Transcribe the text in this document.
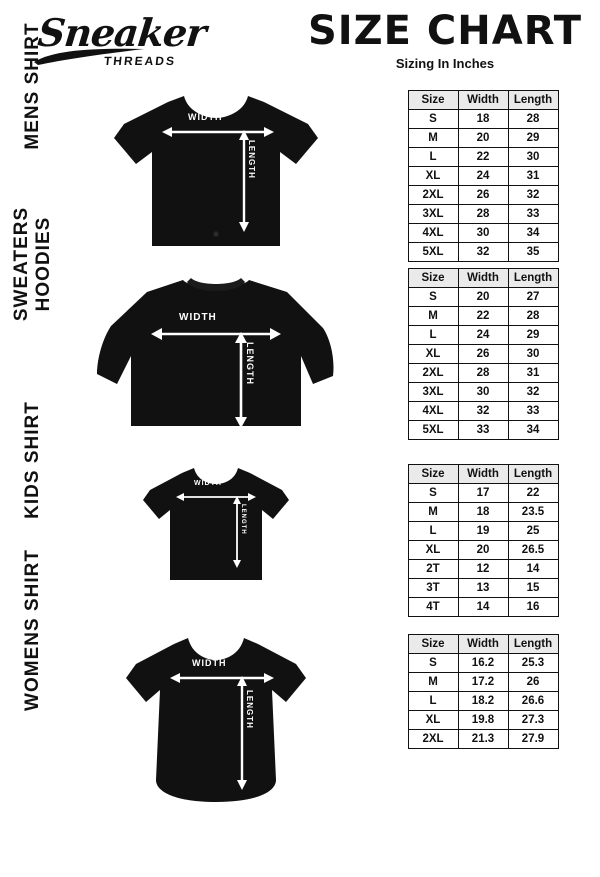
Sneaker
THREADS
SIZE CHART
Sizing In Inches
MENS SHIRT	WIDTH
LENGTH
Size	Width	Length
S	18	28
M	20	29
L	22	30
XL	24	31
2XL	26	32
3XL	28	33
4XL	30	34
5XL	32	35
SWEATERS
HOODIES
WIDTH
LENGTH
Size	Width	Length
S	20	27
M	22	28
L	24	29
XL	26	30
2XL	28	31
3XL	30	32
4XL	32	33
5XL	33	34
KIDS SHIRT	WIDTH
LENGTH
Size	Width	Length
S	17	22
M	18	23.5
L	19	25
XL	20	26.5
2T	12	14
3T	13	15
4T	14	16
WOMENS SHIRT	WIDTH
LENGTH
Size	Width	Length
S	16.2	25.3
M	17.2	26
L	18.2	26.6
XL	19.8	27.3
2XL	21.3	27.9
